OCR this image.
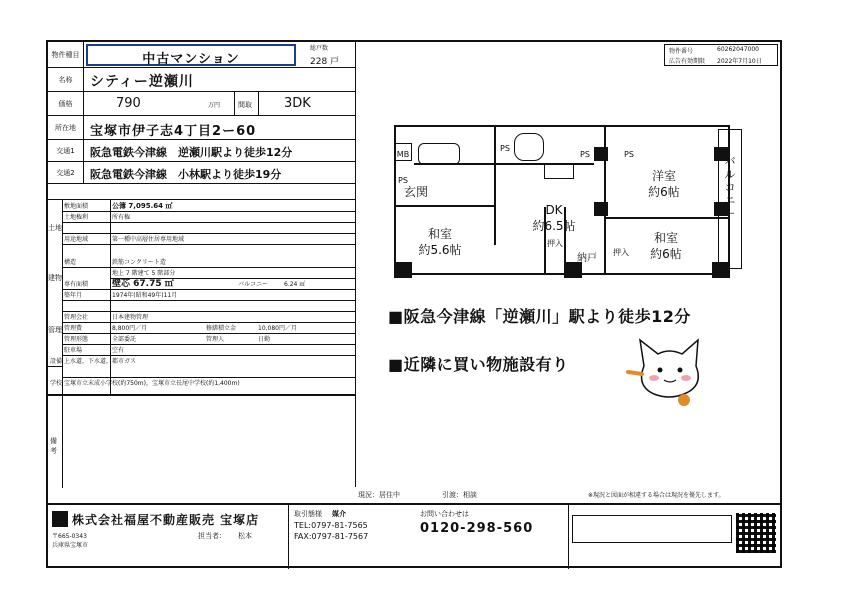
物件種目	中古マンション
総戸数
228 戸
名称	シティー逆瀬川
価格	790	万円	間取 3DK
所在地	宝塚市伊子志4丁目2ー60
交通1	阪急電鉄今津線　逆瀬川駅より徒歩12分
交通2	阪急電鉄今津線　小林駅より徒歩19分
土地
敷地面積	公簿 7,095.64 ㎡
土地権利	所有権
用途地域	第一種中高層住居専用地域
建物
構造	鉄筋コンクリート造
地上 7 階建て 5 階部分
専有面積	壁芯 67.75 ㎡	バルコニー	6.24 ㎡
築年月	1974年(昭和49年)11月
管理
管理会社	日本建物管理
管理費	8,800円／月	修繕積立金	10,080円／月
管理形態	全部委託	管理人	日勤
駐車場	空有
設備 上水道，下水道，都市ガス
学校 宝塚市立末成小学校(約750m)，宝塚市立長尾中学校(約1,400m)
備考
物件番号	60262047000
広告有効期限 2022年7月10日
MB
PS
PS
PS	PS
玄関
洋室
約6帖
DK
約6.5帖
和室
約5.6帖
和室
約6帖
押入
納戸
押入
バルコニー
■阪急今津線「逆瀬川」駅より徒歩12分
■近隣に買い物施設有り
現況：居住中	引渡：相談	※現況と図面が相違する場合は現況を優先します。
株式会社福屋不動産販売 宝塚店
〒665-0343
兵庫県宝塚市
担当者： 松本
取引態様 媒介
TEL:0797-81-7565
FAX:0797-81-7567
お問い合わせは
0120-298-560
